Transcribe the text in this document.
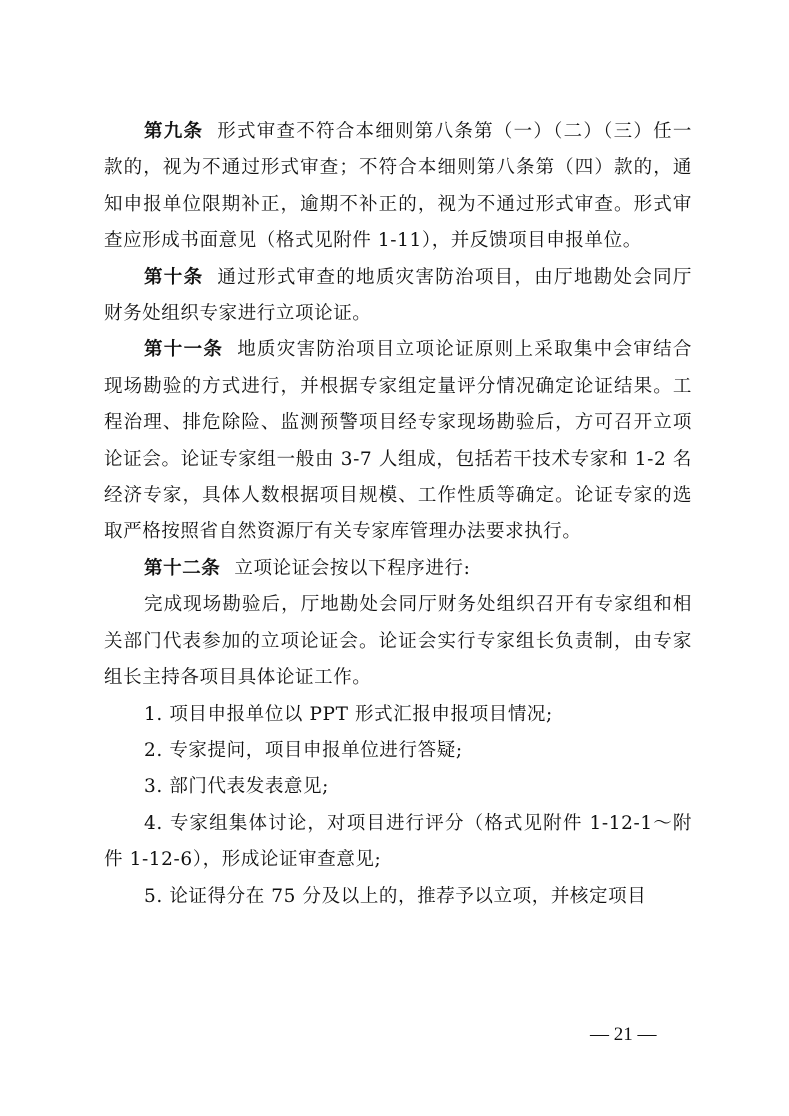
第九条 形式审查不符合本细则第八条第（一）（二）（三）任一款的，视为不通过形式审查；不符合本细则第八条第（四）款的，通知申报单位限期补正，逾期不补正的，视为不通过形式审查。形式审查应形成书面意见（格式见附件 1-11），并反馈项目申报单位。

第十条 通过形式审查的地质灾害防治项目，由厅地勘处会同厅财务处组织专家进行立项论证。

第十一条 地质灾害防治项目立项论证原则上采取集中会审结合现场勘验的方式进行，并根据专家组定量评分情况确定论证结果。工程治理、排危除险、监测预警项目经专家现场勘验后，方可召开立项论证会。论证专家组一般由 3-7 人组成，包括若干技术专家和 1-2 名经济专家，具体人数根据项目规模、工作性质等确定。论证专家的选取严格按照省自然资源厅有关专家库管理办法要求执行。

第十二条 立项论证会按以下程序进行:

完成现场勘验后，厅地勘处会同厅财务处组织召开有专家组和相关部门代表参加的立项论证会。论证会实行专家组长负责制，由专家组长主持各项目具体论证工作。

1. 项目申报单位以 PPT 形式汇报申报项目情况;

2. 专家提问，项目申报单位进行答疑;

3. 部门代表发表意见;

4. 专家组集体讨论，对项目进行评分（格式见附件 1-12-1～附件 1-12-6），形成论证审查意见;

5. 论证得分在 75 分及以上的，推荐予以立项，并核定项目

— 21 —
